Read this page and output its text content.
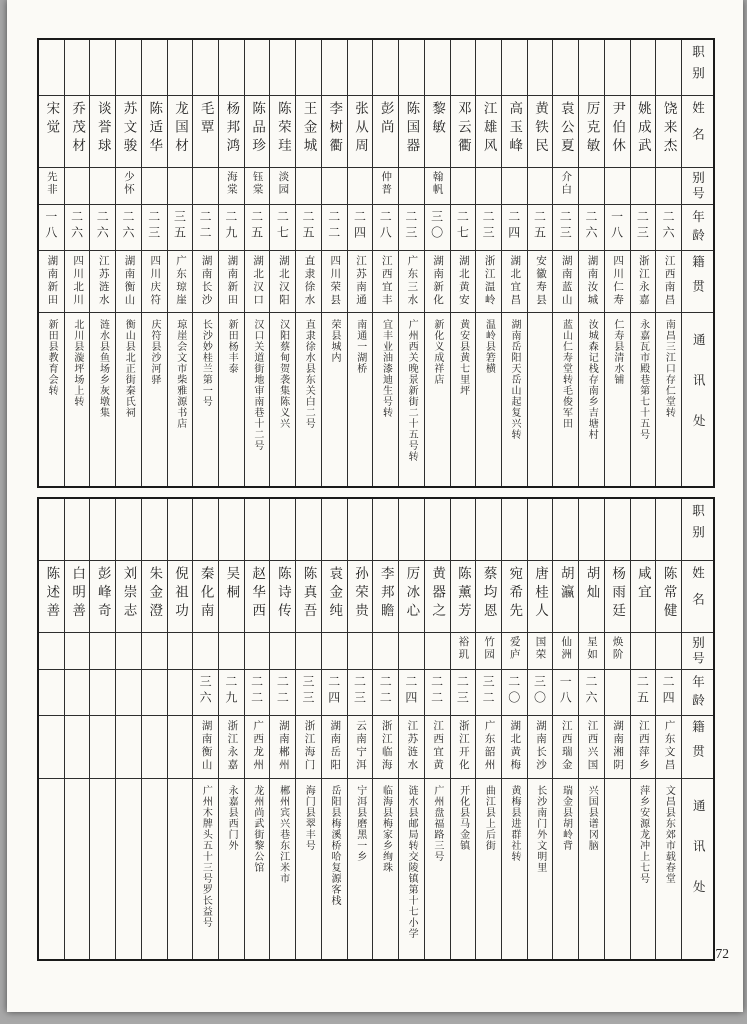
宋觉
先非
一八
湖南新田
新田县教育会转
乔茂材
二六
四川北川
北川县漩坪场上转
谈誉球
二六
江苏涟水
涟水县鱼场乡灰墩集
苏文骏
少怀
二六
湖南衡山
衡山县北正街秦氏祠
陈适华
二三
四川庆符
庆符县沙河驿
龙国材
三五
广东琼崖
琼崖会文市柴雅源书店
毛覃
二二
湖南长沙
长沙妙桂兰第一号
杨邦鸿
海棠
二九
湖南新田
新田杨丰泰
陈品珍
钰棠
二五
湖北汉口
汉口关道街地审南巷十二号
陈荣珪
淡园
二七
湖北汉阳
汉阳蔡甸贺袭集陈义兴
王金城
二五
直隶徐水
直隶徐水县东关白二号
李树衢
二二
四川荣县
荣县城内
张从周
二四
江苏南通
南通一湖桥
彭尚
仲普
二八
江西宜丰
宜丰业油漆迪生号转
陈国器
二三
广东三水
广州西关晚景新街二十五号转
黎敏
翰帆
三〇
湖南新化
新化义成祥店
邓云衢
二七
湖北黄安
黄安县黄七里坪
江雄风
二三
浙江温岭
温岭县箬横
高玉峰
二四
湖北宜昌
湖南岳阳天岳山起复兴转
黄铁民
二五
安徽寿县
袁公夏
介白
二三
湖南蓝山
蓝山仁寿堂转毛俊军田
厉克敏
二六
湖南汝城
汝城森记栈存南乡吉塘村
尹伯休
一八
四川仁寿
仁寿县清水铺
姚成武
二三
浙江永嘉
永嘉瓦市殿巷第七十五号
饶来杰
二六
江西南昌
南昌三江口存仁堂转
职别
姓名
别号
年龄
籍贯
通讯处
陈述善 白明善 彭峰奇 刘崇志 朱金澄 倪祖功 秦化南
三六
湖南衡山
广州木牌头五十三号罗长益号
吴桐
二九
浙江永嘉
永嘉县西门外
赵华西
二二
广西龙州
龙州尚武街黎公馆
陈诗传
二二
湖南郴州
郴州宾兴巷东江米市
陈真吾
三三
浙江海门
海门县翠丰号
袁金纯
二四
湖南岳阳
岳阳县梅溪桥哈复源客栈
孙荣贵
二三
云南宁洱
宁洱县磨黑一乡
李邦瞻
二二
浙江临海
临海县梅家乡绚珠
厉冰心
二四
江苏涟水
涟水县邮局转交陵镇第十七小学
黄器之
二二
江西宜黄
广州盘福路三号
陈薰芳
裕玑
二三
浙江开化
开化县马金镇
蔡均恩
竹园
三二
广东韶州
曲江县上后街
宛希先
爱庐
二〇
湖北黄梅
黄梅县进群社转
唐桂人
国荣
三〇
湖南长沙
长沙南门外文明里
胡瀛
仙洲
一八
江西瑞金
瑞金县胡岭背
胡灿
星如
二六
江西兴国
兴国县谱冈脑
杨雨廷
焕阶
湖南湘阴
咸宜
二五
江西萍乡
萍乡安源龙冲上七号
陈常健
二四
广东文昌
文昌县东郊市载春堂
职别
姓名
别号
年龄
籍贯
通讯处
72
